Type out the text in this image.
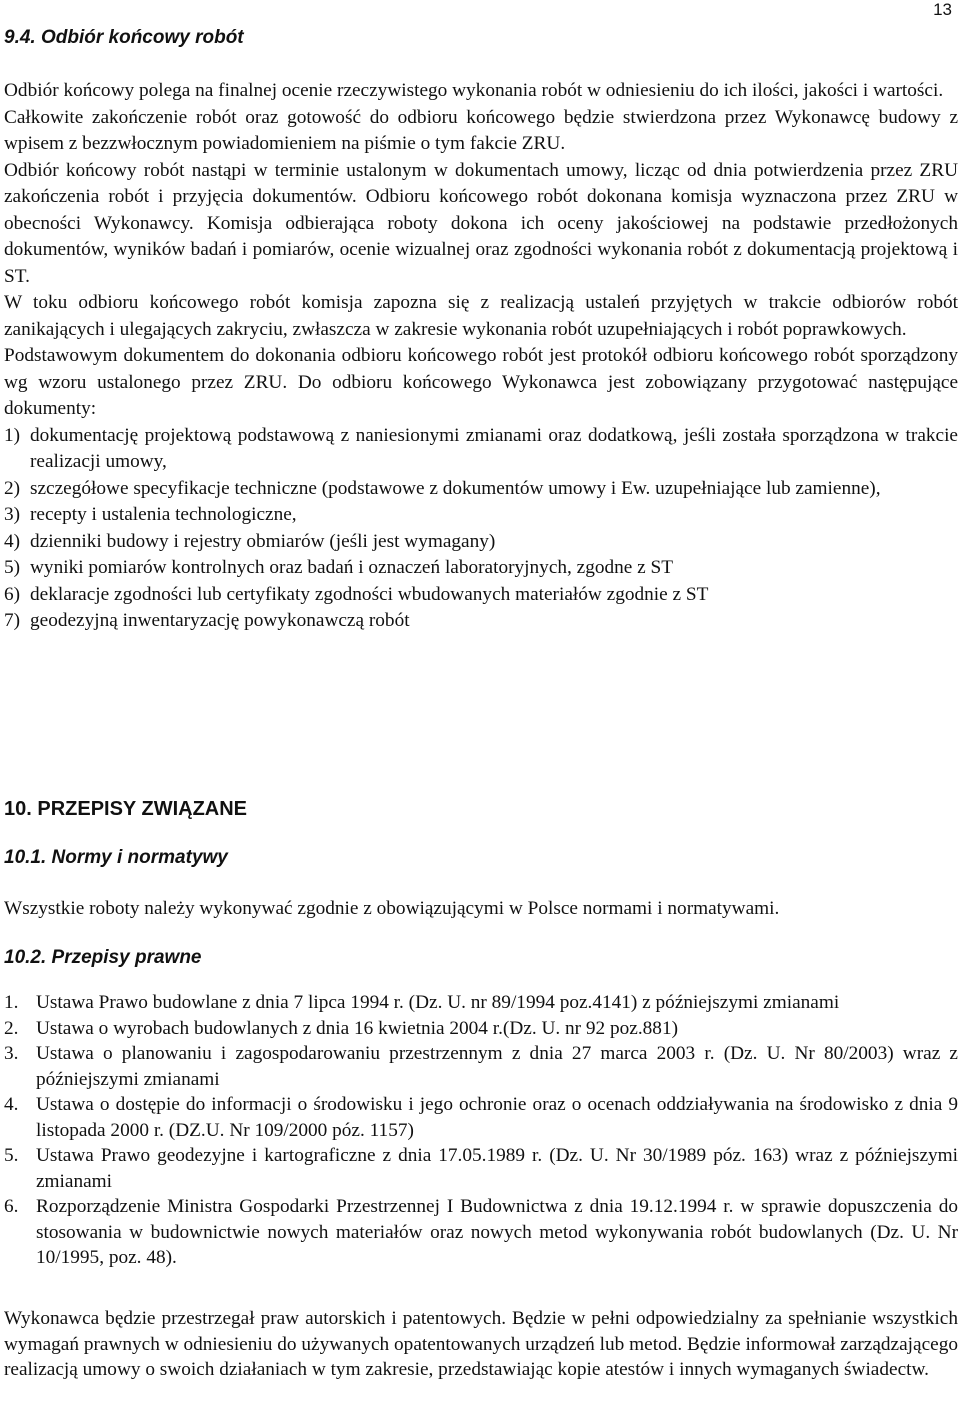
13
9.4. Odbiór końcowy robót

Odbiór końcowy polega na finalnej ocenie rzeczywistego wykonania robót w odniesieniu do ich ilości, jakości i wartości.

Całkowite zakończenie robót oraz gotowość do odbioru końcowego będzie stwierdzona przez Wykonawcę budowy z wpisem z bezzwłocznym powiadomieniem na piśmie o tym fakcie ZRU.

Odbiór końcowy robót nastąpi w terminie ustalonym w dokumentach umowy, licząc od dnia potwierdzenia przez ZRU zakończenia robót i przyjęcia dokumentów. Odbioru końcowego robót dokonana komisja wyznaczona przez ZRU w obecności Wykonawcy. Komisja odbierająca roboty dokona ich oceny jakościowej na podstawie przedłożonych dokumentów, wyników badań i pomiarów, ocenie wizualnej oraz zgodności wykonania robót z dokumentacją projektową i ST.

W toku odbioru końcowego robót komisja zapozna się z realizacją ustaleń przyjętych w trakcie odbiorów robót zanikających i ulegających zakryciu, zwłaszcza w zakresie wykonania robót uzupełniających i robót poprawkowych.

Podstawowym dokumentem do dokonania odbioru końcowego robót jest protokół odbioru końcowego robót sporządzony wg wzoru ustalonego przez ZRU. Do odbioru końcowego Wykonawca jest zobowiązany przygotować następujące dokumenty:

1) dokumentację projektową podstawową z naniesionymi zmianami oraz dodatkową, jeśli została sporządzona w trakcie realizacji umowy,
2) szczegółowe specyfikacje techniczne (podstawowe z dokumentów umowy i Ew. uzupełniające lub zamienne),
3) recepty i ustalenia technologiczne,
4) dzienniki budowy i rejestry obmiarów (jeśli jest wymagany)
5) wyniki pomiarów kontrolnych oraz badań i oznaczeń laboratoryjnych, zgodne z ST
6) deklaracje zgodności lub certyfikaty zgodności wbudowanych materiałów zgodnie z ST
7) geodezyjną inwentaryzację powykonawczą robót
10. PRZEPISY ZWIĄZANE
10.1. Normy i normatywy

Wszystkie roboty należy wykonywać zgodnie z obowiązującymi w Polsce normami i normatywami.

10.2. Przepisy prawne
1. Ustawa Prawo budowlane z dnia 7 lipca 1994 r. (Dz. U. nr 89/1994 poz.4141) z późniejszymi zmianami
2. Ustawa o wyrobach budowlanych z dnia 16 kwietnia 2004 r.(Dz. U. nr 92 poz.881)
3. Ustawa o planowaniu i zagospodarowaniu przestrzennym z dnia 27 marca 2003 r. (Dz. U. Nr 80/2003) wraz z późniejszymi zmianami
4. Ustawa o dostępie do informacji o środowisku i jego ochronie oraz o ocenach oddziaływania na środowisko z dnia 9 listopada 2000 r. (DZ.U. Nr 109/2000 póz. 1157)
5. Ustawa Prawo geodezyjne i kartograficzne z dnia 17.05.1989 r. (Dz. U. Nr 30/1989 póz. 163) wraz z późniejszymi zmianami
6. Rozporządzenie Ministra Gospodarki Przestrzennej I Budownictwa z dnia 19.12.1994 r. w sprawie dopuszczenia do stosowania w budownictwie nowych materiałów oraz nowych metod wykonywania robót budowlanych (Dz. U. Nr 10/1995, poz. 48).

Wykonawca będzie przestrzegał praw autorskich i patentowych. Będzie w pełni odpowiedzialny za spełnianie wszystkich wymagań prawnych w odniesieniu do używanych opatentowanych urządzeń lub metod. Będzie informował zarządzającego realizacją umowy o swoich działaniach w tym zakresie, przedstawiając kopie atestów i innych wymaganych świadectw.
